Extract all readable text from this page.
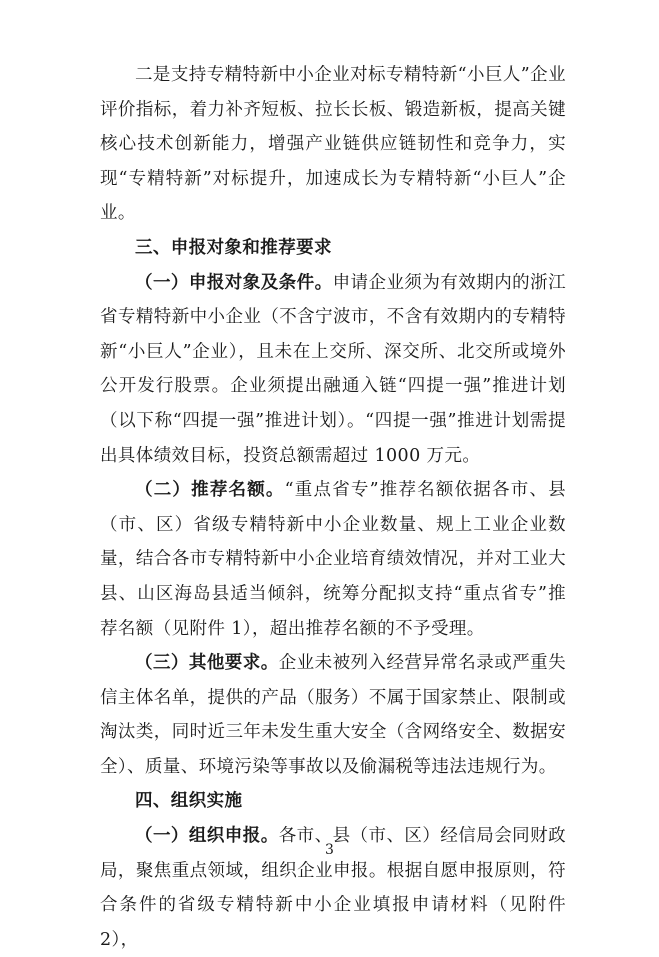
二是支持专精特新中小企业对标专精特新“小巨人”企业评价指标，着力补齐短板、拉长长板、锻造新板，提高关键核心技术创新能力，增强产业链供应链韧性和竞争力，实现“专精特新”对标提升，加速成长为专精特新“小巨人”企业。

三、申报对象和推荐要求

（一）申报对象及条件。申请企业须为有效期内的浙江省专精特新中小企业（不含宁波市，不含有效期内的专精特新“小巨人”企业），且未在上交所、深交所、北交所或境外公开发行股票。企业须提出融通入链“四提一强”推进计划（以下称“四提一强”推进计划）。“四提一强”推进计划需提出具体绩效目标，投资总额需超过 1000 万元。

（二）推荐名额。“重点省专”推荐名额依据各市、县（市、区）省级专精特新中小企业数量、规上工业企业数量，结合各市专精特新中小企业培育绩效情况，并对工业大县、山区海岛县适当倾斜，统筹分配拟支持“重点省专”推荐名额（见附件 1），超出推荐名额的不予受理。

（三）其他要求。企业未被列入经营异常名录或严重失信主体名单，提供的产品（服务）不属于国家禁止、限制或淘汰类，同时近三年未发生重大安全（含网络安全、数据安全）、质量、环境污染等事故以及偷漏税等违法违规行为。

四、组织实施

（一）组织申报。各市、县（市、区）经信局会同财政局，聚焦重点领域，组织企业申报。根据自愿申报原则，符合条件的省级专精特新中小企业填报申请材料（见附件 2），

3
